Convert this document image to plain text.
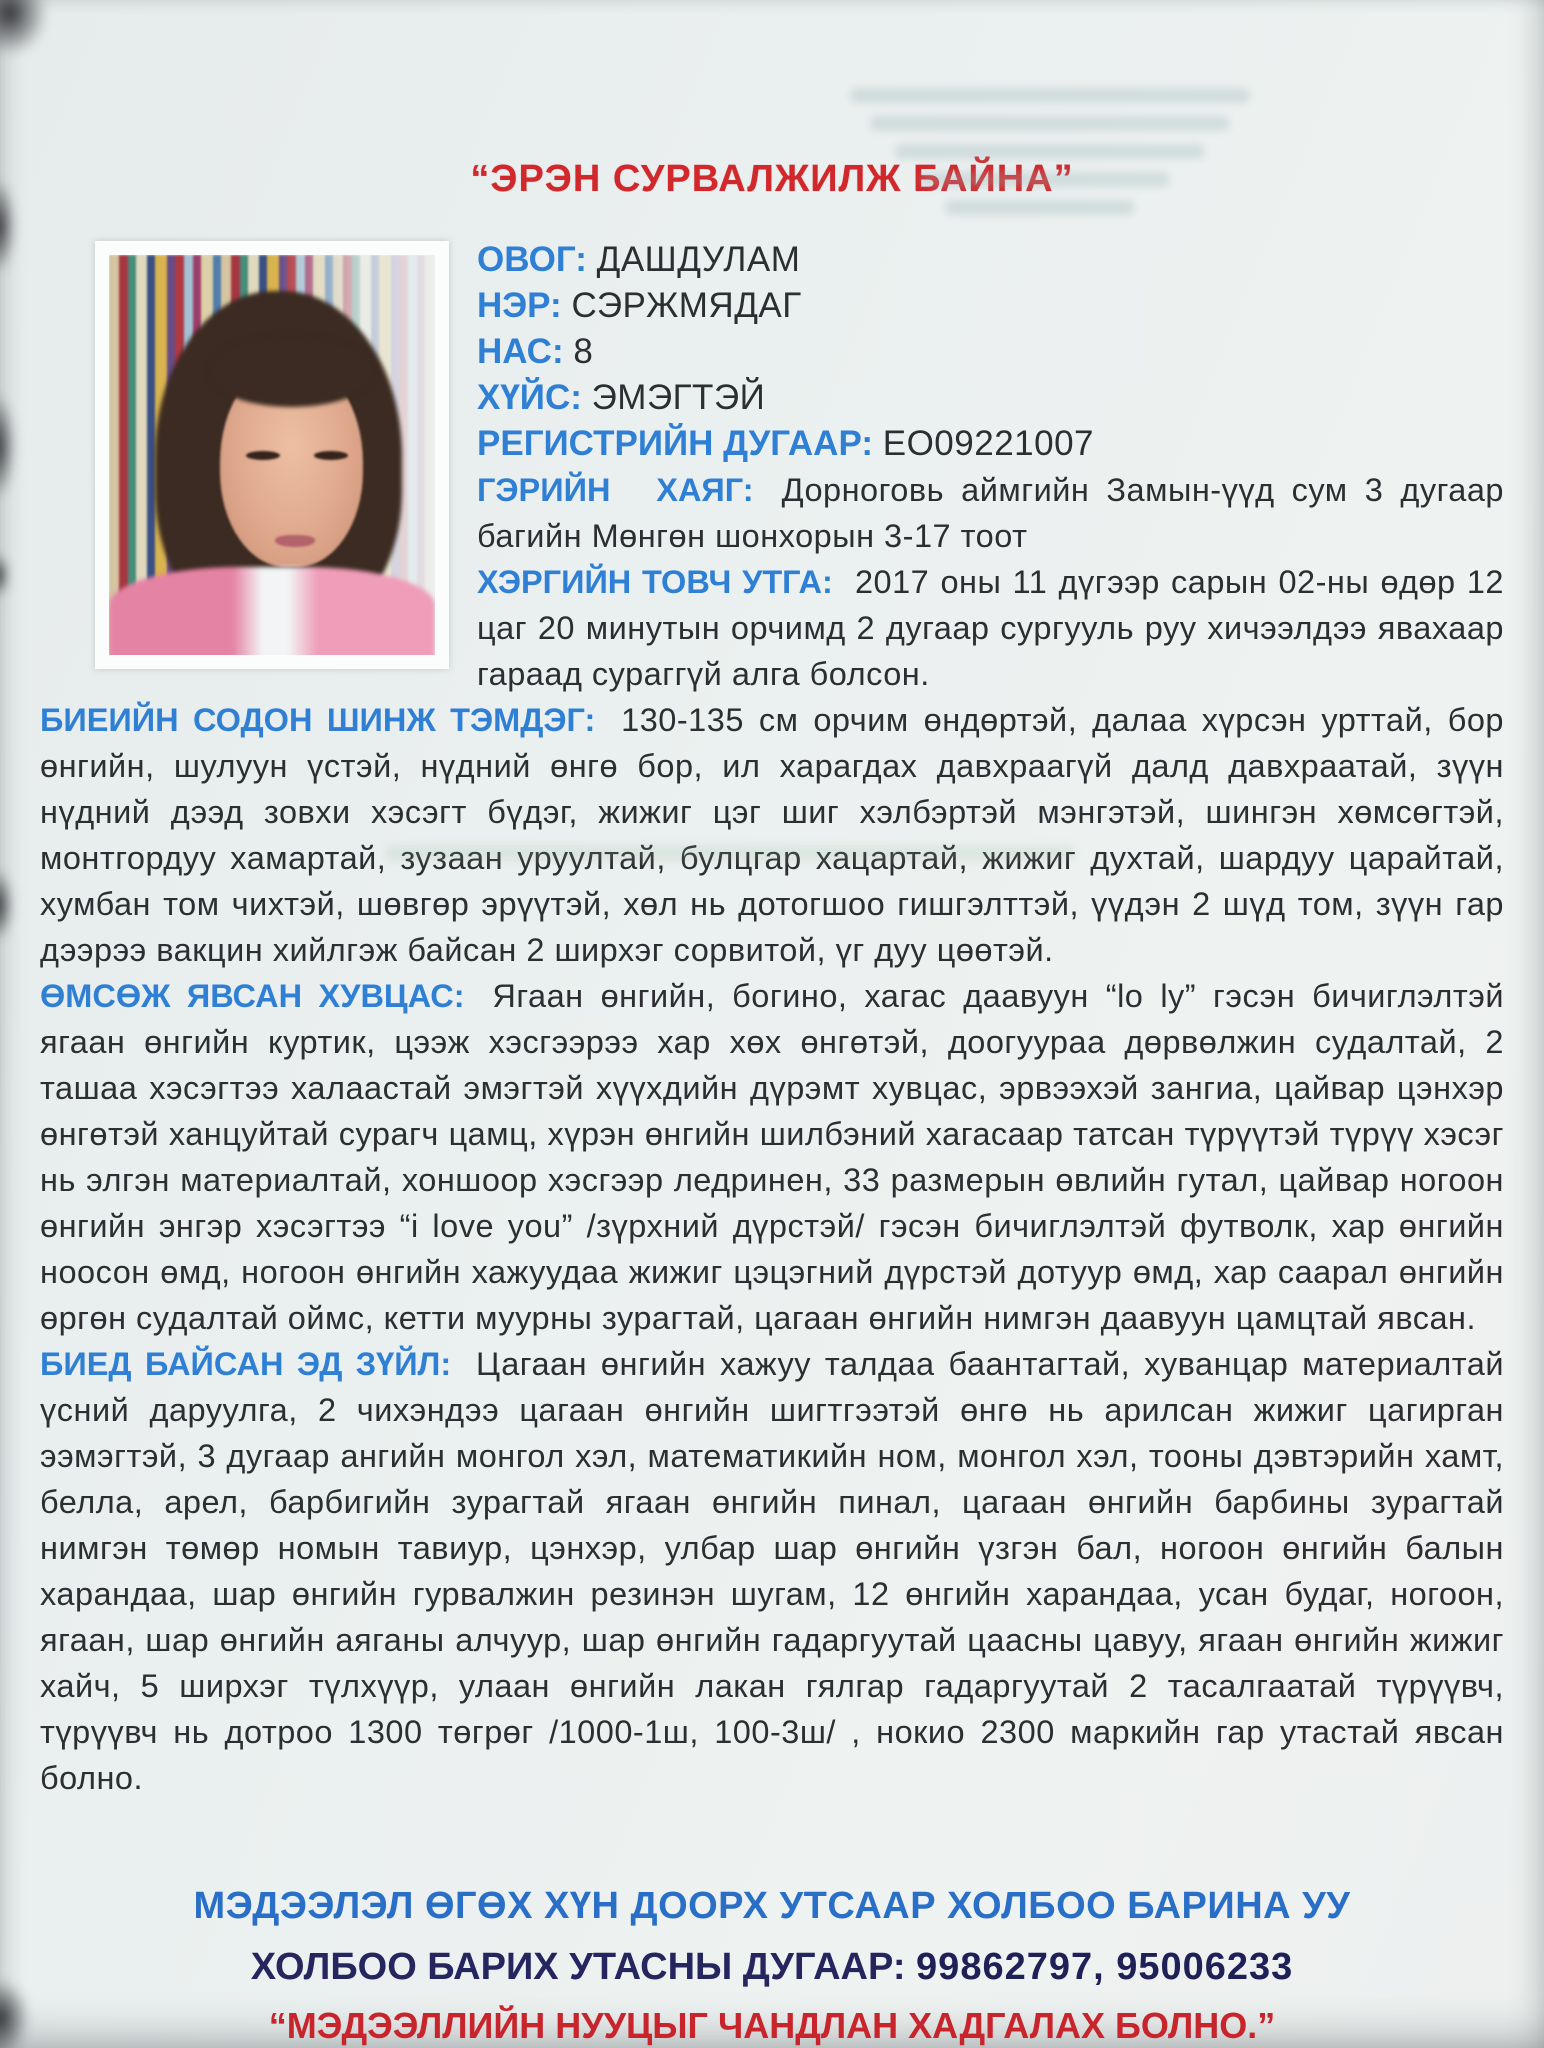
“ЭРЭН СУРВАЛЖИЛЖ БАЙНА”
ОВОГ: ДАШДУЛАМ
НЭР: СЭРЖМЯДАГ
НАС: 8
ХҮЙС: ЭМЭГТЭЙ
РЕГИСТРИЙН ДУГААР: EO09221007

ГЭРИЙН ХАЯГ: Дорноговь аймгийн Замын-үүд сум 3 дугаар багийн Мөнгөн шонхорын 3-17 тоот

ХЭРГИЙН ТОВЧ УТГА: 2017 оны 11 дүгээр сарын 02-ны өдөр 12 цаг 20 минутын орчимд 2 дугаар сургууль руу хичээлдээ явахаар гараад сураггүй алга болсон.

БИЕИЙН СОДОН ШИНЖ ТЭМДЭГ: 130-135 см орчим өндөртэй, далаа хүрсэн урттай, бор өнгийн, шулуун үстэй, нүдний өнгө бор, ил харагдах давхраагүй далд давхраатай, зүүн нүдний дээд зовхи хэсэгт бүдэг, жижиг цэг шиг хэлбэртэй мэнгэтэй, шингэн хөмсөгтэй, монтгордуу хамартай, зузаан уруултай, булцгар хацартай, жижиг духтай, шардуу царайтай, хумбан том чихтэй, шөвгөр эрүүтэй, хөл нь дотогшоо гишгэлттэй, үүдэн 2 шүд том, зүүн гар дээрээ вакцин хийлгэж байсан 2 ширхэг сорвитой, үг дуу цөөтэй.

ӨМСӨЖ ЯВСАН ХУВЦАС: Ягаан өнгийн, богино, хагас даавуун “lo ly” гэсэн бичиглэлтэй ягаан өнгийн куртик, цээж хэсгээрээ хар хөх өнгөтэй, доогуураа дөрвөлжин судалтай, 2 ташаа хэсэгтээ халаастай эмэгтэй хүүхдийн дүрэмт хувцас, эрвээхэй зангиа, цайвар цэнхэр өнгөтэй ханцуйтай сурагч цамц, хүрэн өнгийн шилбэний хагасаар татсан түрүүтэй түрүү хэсэг нь элгэн материалтай, хоншоор хэсгээр ледринен, 33 размерын өвлийн гутал, цайвар ногоон өнгийн энгэр хэсэгтээ “i love you” /зүрхний дүрстэй/ гэсэн бичиглэлтэй футволк, хар өнгийн ноосон өмд, ногоон өнгийн хажуудаа жижиг цэцэгний дүрстэй дотуур өмд, хар саарал өнгийн өргөн судалтай оймс, кетти муурны зурагтай, цагаан өнгийн нимгэн даавуун цамцтай явсан.

БИЕД БАЙСАН ЭД ЗҮЙЛ: Цагаан өнгийн хажуу талдаа баантагтай, хуванцар материалтай үсний даруулга, 2 чихэндээ цагаан өнгийн шигтгээтэй өнгө нь арилсан жижиг цагирган ээмэгтэй, 3 дугаар ангийн монгол хэл, математикийн ном, монгол хэл, тооны дэвтэрийн хамт, белла, арел, барбигийн зурагтай ягаан өнгийн пинал, цагаан өнгийн барбины зурагтай нимгэн төмөр номын тавиур, цэнхэр, улбар шар өнгийн үзгэн бал, ногоон өнгийн балын харандаа, шар өнгийн гурвалжин резинэн шугам, 12 өнгийн харандаа, усан будаг, ногоон, ягаан, шар өнгийн аяганы алчуур, шар өнгийн гадаргуутай цаасны цавуу, ягаан өнгийн жижиг хайч, 5 ширхэг түлхүүр, улаан өнгийн лакан гялгар гадаргуутай 2 тасалгаатай түрүүвч, түрүүвч нь дотроо 1300 төгрөг /1000-1ш, 100-3ш/ , нокио 2300 маркийн гар утастай явсан болно.

МЭДЭЭЛЭЛ ӨГӨХ ХҮН ДООРХ УТСААР ХОЛБОО БАРИНА УУ
ХОЛБОО БАРИХ УТАСНЫ ДУГААР: 99862797, 95006233
“МЭДЭЭЛЛИЙН НУУЦЫГ ЧАНДЛАН ХАДГАЛАХ БОЛНО.”
